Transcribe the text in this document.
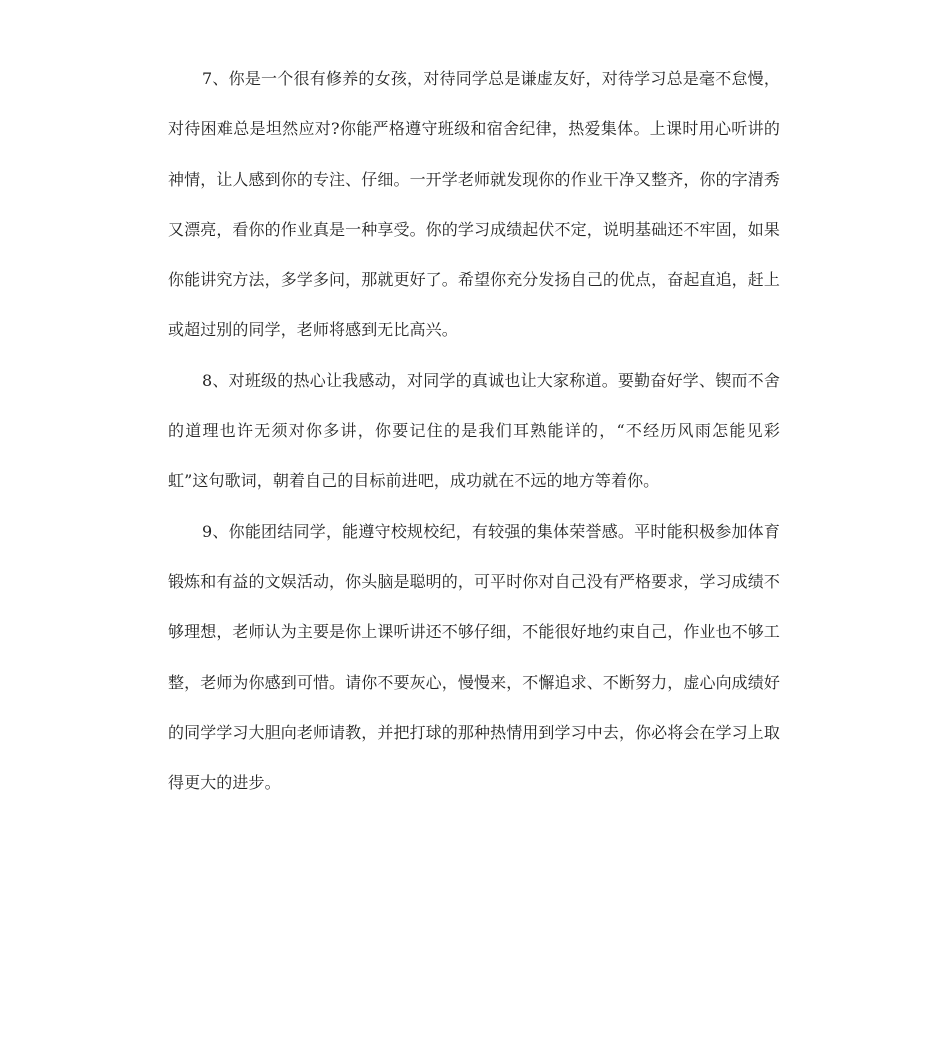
7、你是一个很有修养的女孩，对待同学总是谦虚友好，对待学习总是毫不怠慢，对待困难总是坦然应对?你能严格遵守班级和宿舍纪律，热爱集体。上课时用心听讲的神情，让人感到你的专注、仔细。一开学老师就发现你的作业干净又整齐，你的字清秀又漂亮，看你的作业真是一种享受。你的学习成绩起伏不定，说明基础还不牢固，如果你能讲究方法，多学多问，那就更好了。希望你充分发扬自己的优点，奋起直追，赶上或超过别的同学，老师将感到无比高兴。

8、对班级的热心让我感动，对同学的真诚也让大家称道。要勤奋好学、锲而不舍的道理也许无须对你多讲，你要记住的是我们耳熟能详的，“不经历风雨怎能见彩虹”这句歌词，朝着自己的目标前进吧，成功就在不远的地方等着你。

9、你能团结同学，能遵守校规校纪，有较强的集体荣誉感。平时能积极参加体育锻炼和有益的文娱活动，你头脑是聪明的，可平时你对自己没有严格要求，学习成绩不够理想，老师认为主要是你上课听讲还不够仔细，不能很好地约束自己，作业也不够工整，老师为你感到可惜。请你不要灰心，慢慢来，不懈追求、不断努力，虚心向成绩好的同学学习大胆向老师请教，并把打球的那种热情用到学习中去，你必将会在学习上取得更大的进步。
